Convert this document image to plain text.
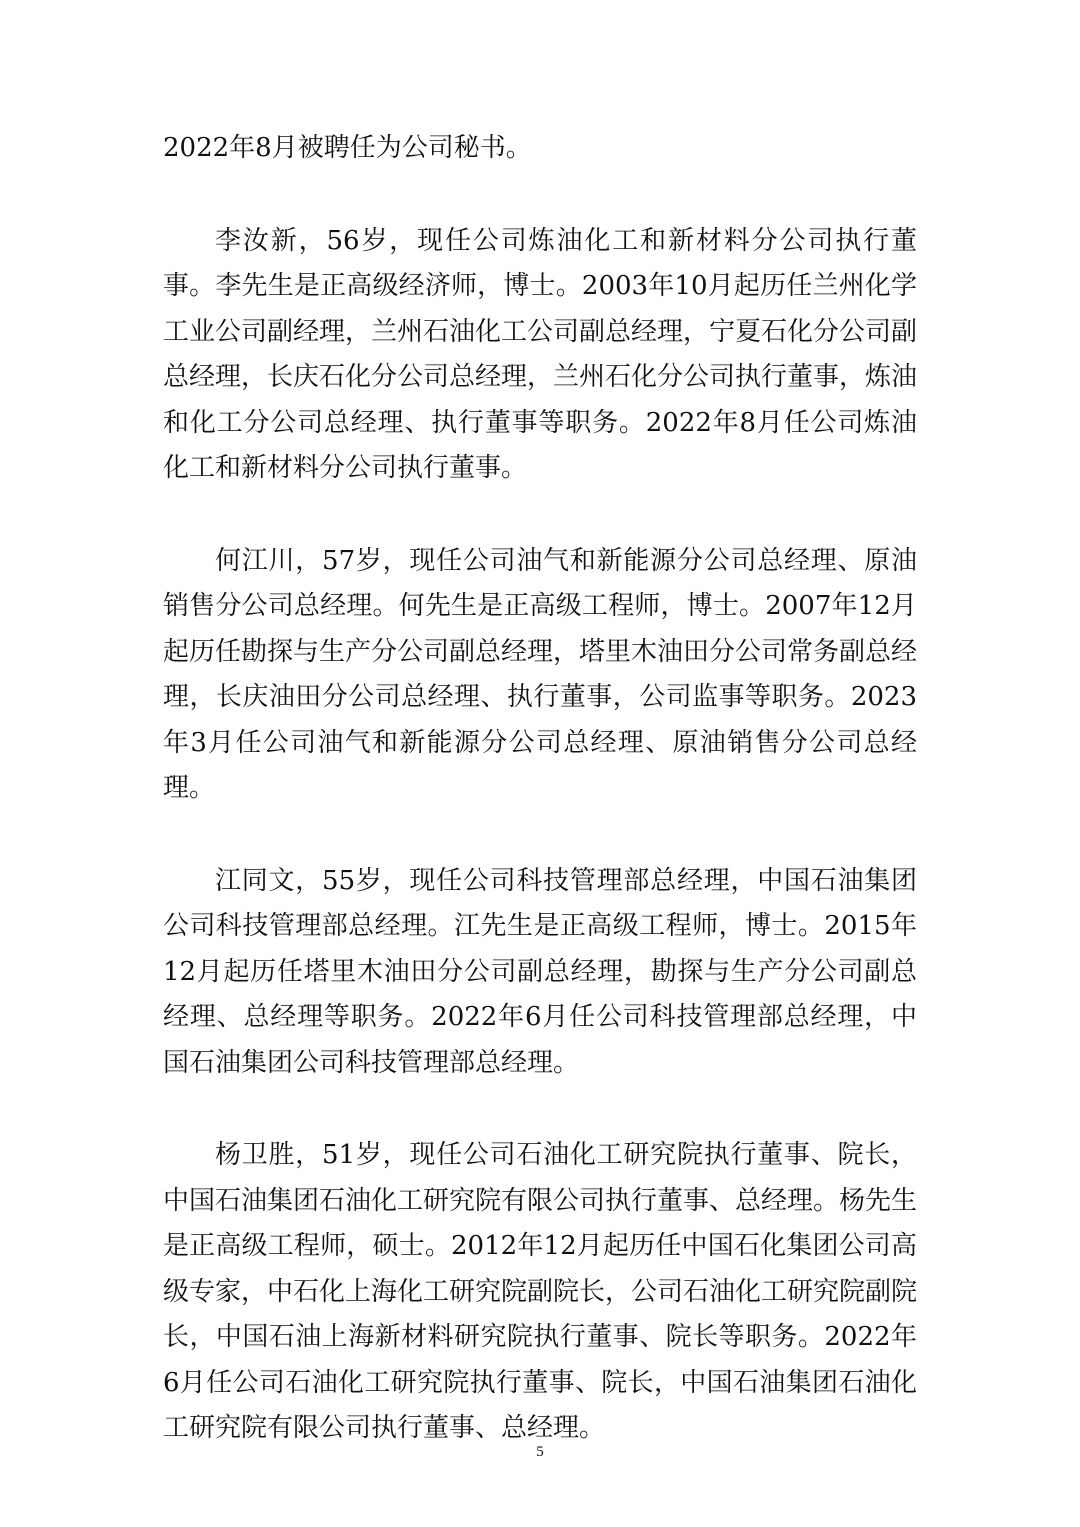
2022年8月被聘任为公司秘书。

李汝新，56岁，现任公司炼油化工和新材料分公司执行董事。李先生是正高级经济师，博士。2003年10月起历任兰州化学工业公司副经理，兰州石油化工公司副总经理，宁夏石化分公司副总经理，长庆石化分公司总经理，兰州石化分公司执行董事，炼油和化工分公司总经理、执行董事等职务。2022年8月任公司炼油化工和新材料分公司执行董事。

何江川，57岁，现任公司油气和新能源分公司总经理、原油销售分公司总经理。何先生是正高级工程师，博士。2007年12月起历任勘探与生产分公司副总经理，塔里木油田分公司常务副总经理，长庆油田分公司总经理、执行董事，公司监事等职务。2023年3月任公司油气和新能源分公司总经理、原油销售分公司总经理。

江同文，55岁，现任公司科技管理部总经理，中国石油集团公司科技管理部总经理。江先生是正高级工程师，博士。2015年12月起历任塔里木油田分公司副总经理，勘探与生产分公司副总经理、总经理等职务。2022年6月任公司科技管理部总经理，中国石油集团公司科技管理部总经理。

杨卫胜，51岁，现任公司石油化工研究院执行董事、院长，中国石油集团石油化工研究院有限公司执行董事、总经理。杨先生是正高级工程师，硕士。2012年12月起历任中国石化集团公司高级专家，中石化上海化工研究院副院长，公司石油化工研究院副院长，中国石油上海新材料研究院执行董事、院长等职务。2022年6月任公司石油化工研究院执行董事、院长，中国石油集团石油化工研究院有限公司执行董事、总经理。

5
